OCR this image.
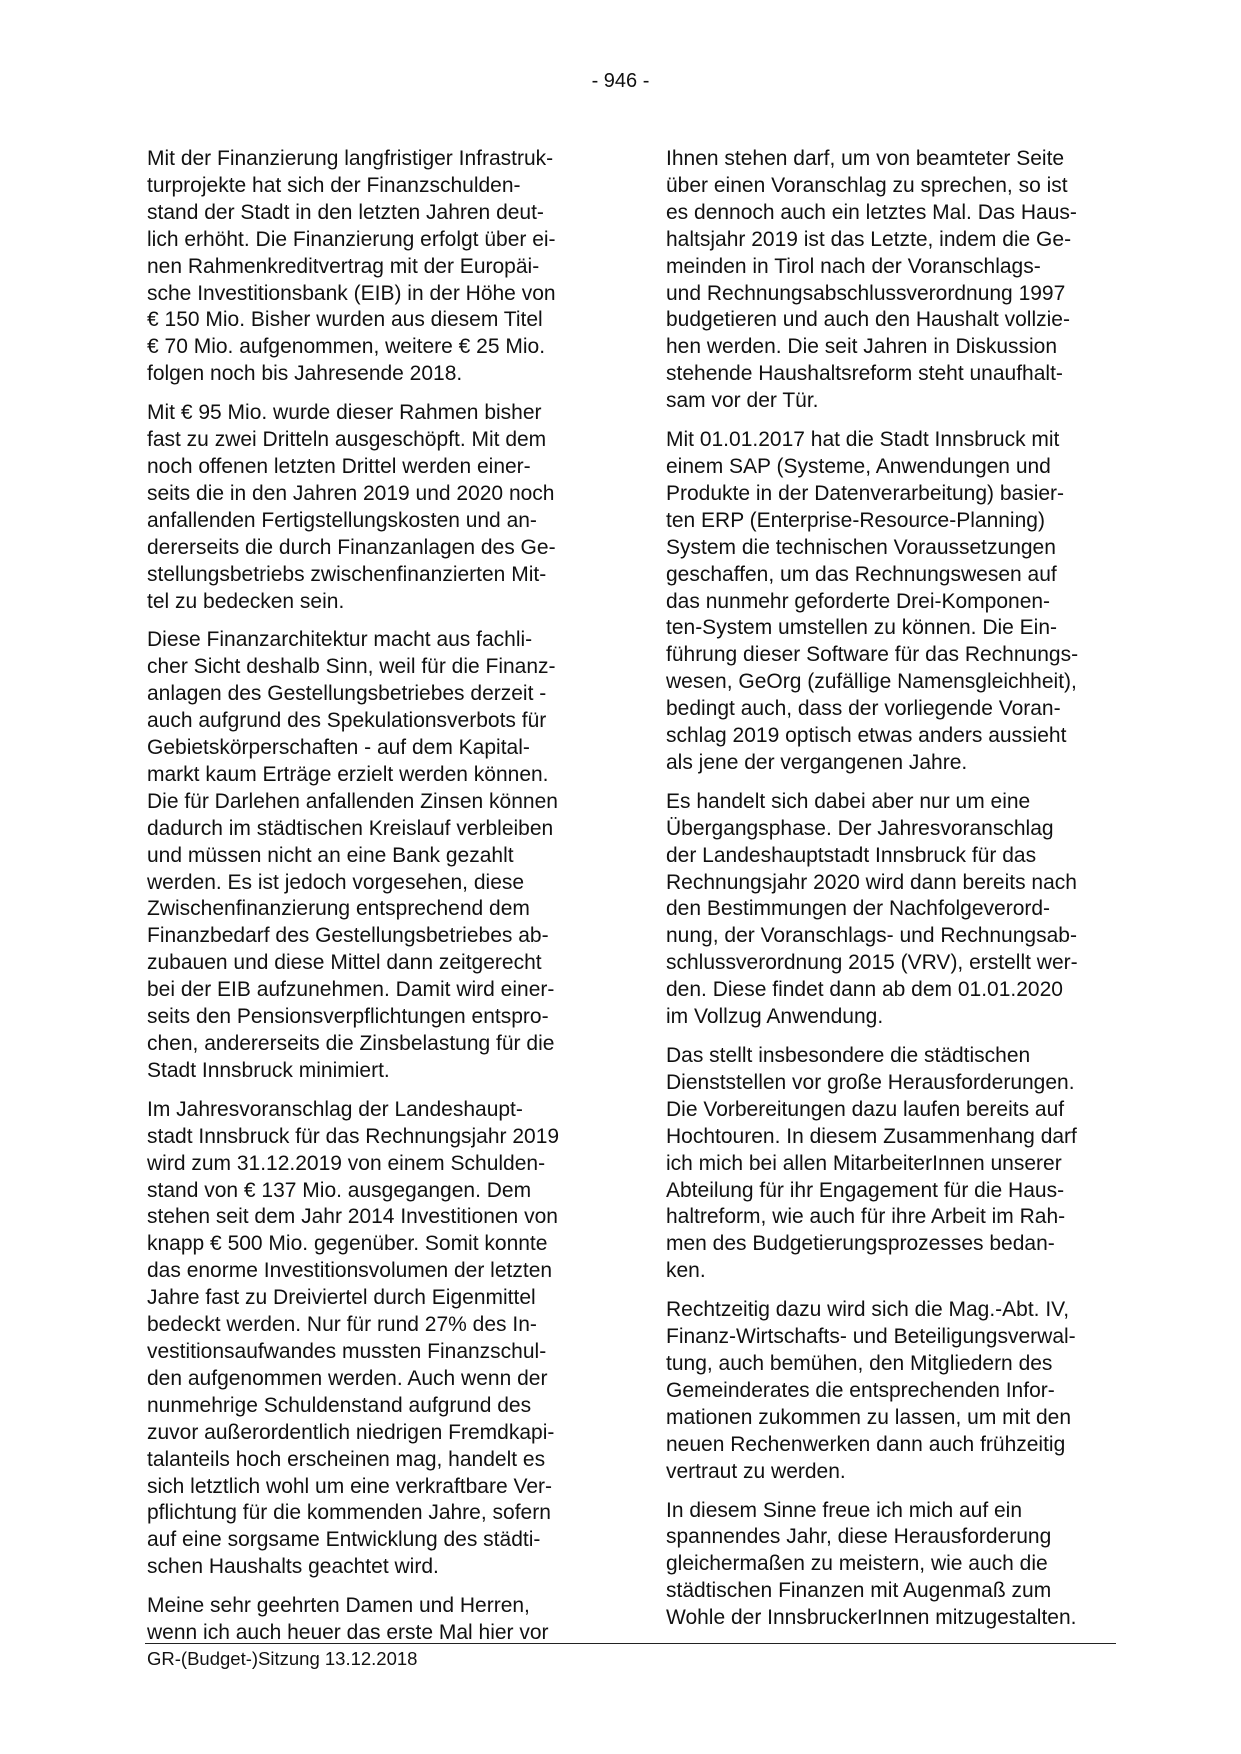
- 946 -

Mit der Finanzierung langfristiger Infrastruk-
turprojekte hat sich der Finanzschulden-
stand der Stadt in den letzten Jahren deut-
lich erhöht. Die Finanzierung erfolgt über ei-
nen Rahmenkreditvertrag mit der Europäi-
sche Investitionsbank (EIB) in der Höhe von
€ 150 Mio. Bisher wurden aus diesem Titel
€ 70 Mio. aufgenommen, weitere € 25 Mio.
folgen noch bis Jahresende 2018.

Mit € 95 Mio. wurde dieser Rahmen bisher
fast zu zwei Dritteln ausgeschöpft. Mit dem
noch offenen letzten Drittel werden einer-
seits die in den Jahren 2019 und 2020 noch
anfallenden Fertigstellungskosten und an-
dererseits die durch Finanzanlagen des Ge-
stellungsbetriebs zwischenfinanzierten Mit-
tel zu bedecken sein.

Diese Finanzarchitektur macht aus fachli-
cher Sicht deshalb Sinn, weil für die Finanz-
anlagen des Gestellungsbetriebes derzeit -
auch aufgrund des Spekulationsverbots für
Gebietskörperschaften - auf dem Kapital-
markt kaum Erträge erzielt werden können.
Die für Darlehen anfallenden Zinsen können
dadurch im städtischen Kreislauf verbleiben
und müssen nicht an eine Bank gezahlt
werden. Es ist jedoch vorgesehen, diese
Zwischenfinanzierung entsprechend dem
Finanzbedarf des Gestellungsbetriebes ab-
zubauen und diese Mittel dann zeitgerecht
bei der EIB aufzunehmen. Damit wird einer-
seits den Pensionsverpflichtungen entspro-
chen, andererseits die Zinsbelastung für die
Stadt Innsbruck minimiert.

Im Jahresvoranschlag der Landeshaupt-
stadt Innsbruck für das Rechnungsjahr 2019
wird zum 31.12.2019 von einem Schulden-
stand von € 137 Mio. ausgegangen. Dem
stehen seit dem Jahr 2014 Investitionen von
knapp € 500 Mio. gegenüber. Somit konnte
das enorme Investitionsvolumen der letzten
Jahre fast zu Dreiviertel durch Eigenmittel
bedeckt werden. Nur für rund 27% des In-
vestitionsaufwandes mussten Finanzschul-
den aufgenommen werden. Auch wenn der
nunmehrige Schuldenstand aufgrund des
zuvor außerordentlich niedrigen Fremdkapi-
talanteils hoch erscheinen mag, handelt es
sich letztlich wohl um eine verkraftbare Ver-
pflichtung für die kommenden Jahre, sofern
auf eine sorgsame Entwicklung des städti-
schen Haushalts geachtet wird.

Meine sehr geehrten Damen und Herren,
wenn ich auch heuer das erste Mal hier vor

Ihnen stehen darf, um von beamteter Seite
über einen Voranschlag zu sprechen, so ist
es dennoch auch ein letztes Mal. Das Haus-
haltsjahr 2019 ist das Letzte, indem die Ge-
meinden in Tirol nach der Voranschlags-
und Rechnungsabschlussverordnung 1997
budgetieren und auch den Haushalt vollzie-
hen werden. Die seit Jahren in Diskussion
stehende Haushaltsreform steht unaufhalt-
sam vor der Tür.

Mit 01.01.2017 hat die Stadt Innsbruck mit
einem SAP (Systeme, Anwendungen und
Produkte in der Datenverarbeitung) basier-
ten ERP (Enterprise-Resource-Planning)
System die technischen Voraussetzungen
geschaffen, um das Rechnungswesen auf
das nunmehr geforderte Drei-Komponen-
ten-System umstellen zu können. Die Ein-
führung dieser Software für das Rechnungs-
wesen, GeOrg (zufällige Namensgleichheit),
bedingt auch, dass der vorliegende Voran-
schlag 2019 optisch etwas anders aussieht
als jene der vergangenen Jahre.

Es handelt sich dabei aber nur um eine
Übergangsphase. Der Jahresvoranschlag
der Landeshauptstadt Innsbruck für das
Rechnungsjahr 2020 wird dann bereits nach
den Bestimmungen der Nachfolgeverord-
nung, der Voranschlags- und Rechnungsab-
schlussverordnung 2015 (VRV), erstellt wer-
den. Diese findet dann ab dem 01.01.2020
im Vollzug Anwendung.

Das stellt insbesondere die städtischen
Dienststellen vor große Herausforderungen.
Die Vorbereitungen dazu laufen bereits auf
Hochtouren. In diesem Zusammenhang darf
ich mich bei allen MitarbeiterInnen unserer
Abteilung für ihr Engagement für die Haus-
haltreform, wie auch für ihre Arbeit im Rah-
men des Budgetierungsprozesses bedan-
ken.

Rechtzeitig dazu wird sich die Mag.-Abt. IV,
Finanz-Wirtschafts- und Beteiligungsverwal-
tung, auch bemühen, den Mitgliedern des
Gemeinderates die entsprechenden Infor-
mationen zukommen zu lassen, um mit den
neuen Rechenwerken dann auch frühzeitig
vertraut zu werden.

In diesem Sinne freue ich mich auf ein
spannendes Jahr, diese Herausforderung
gleichermaßen zu meistern, wie auch die
städtischen Finanzen mit Augenmaß zum
Wohle der InnsbruckerInnen mitzugestalten.

GR-(Budget-)Sitzung 13.12.2018
